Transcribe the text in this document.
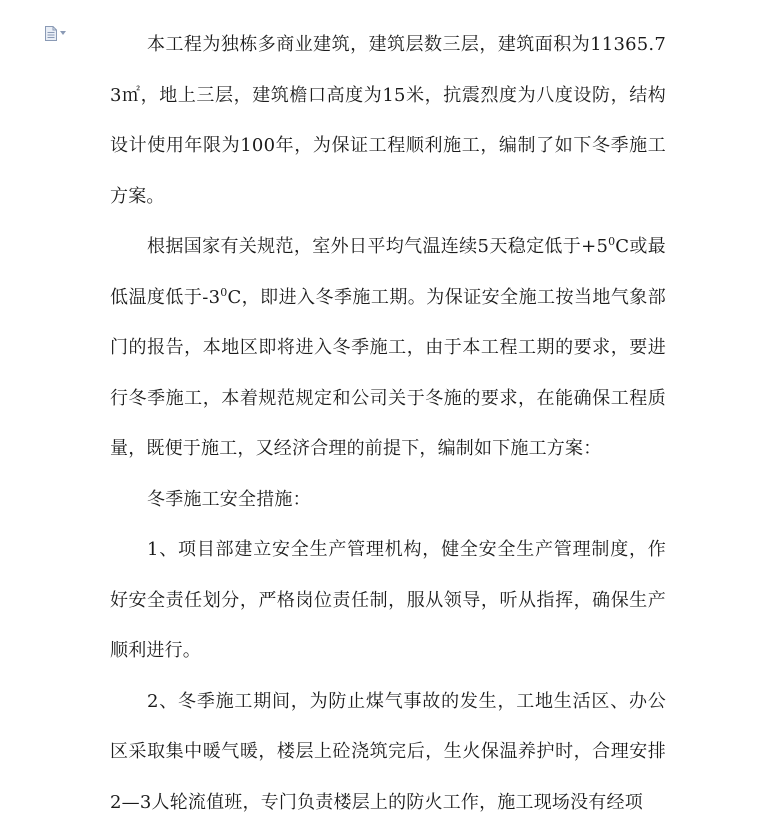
本工程为独栋多商业建筑，建筑层数三层，建筑面积为11365.73㎡，地上三层，建筑檐口高度为15米，抗震烈度为八度设防，结构设计使用年限为100年，为保证工程顺利施工，编制了如下冬季施工方案。

根据国家有关规范，室外日平均气温连续5天稳定低于$+5^0C$或最低温度低于$-3^0C$，即进入冬季施工期。为保证安全施工按当地气象部门的报告，本地区即将进入冬季施工，由于本工程工期的要求，要进行冬季施工，本着规范规定和公司关于冬施的要求，在能确保工程质量，既便于施工，又经济合理的前提下，编制如下施工方案：

冬季施工安全措施：

1、项目部建立安全生产管理机构，健全安全生产管理制度，作好安全责任划分，严格岗位责任制，服从领导，听从指挥，确保生产顺利进行。

2、冬季施工期间，为防止煤气事故的发生，工地生活区、办公区采取集中暖气暖，楼层上砼浇筑完后，生火保温养护时，合理安排2—3人轮流值班，专门负责楼层上的防火工作，施工现场没有经项
